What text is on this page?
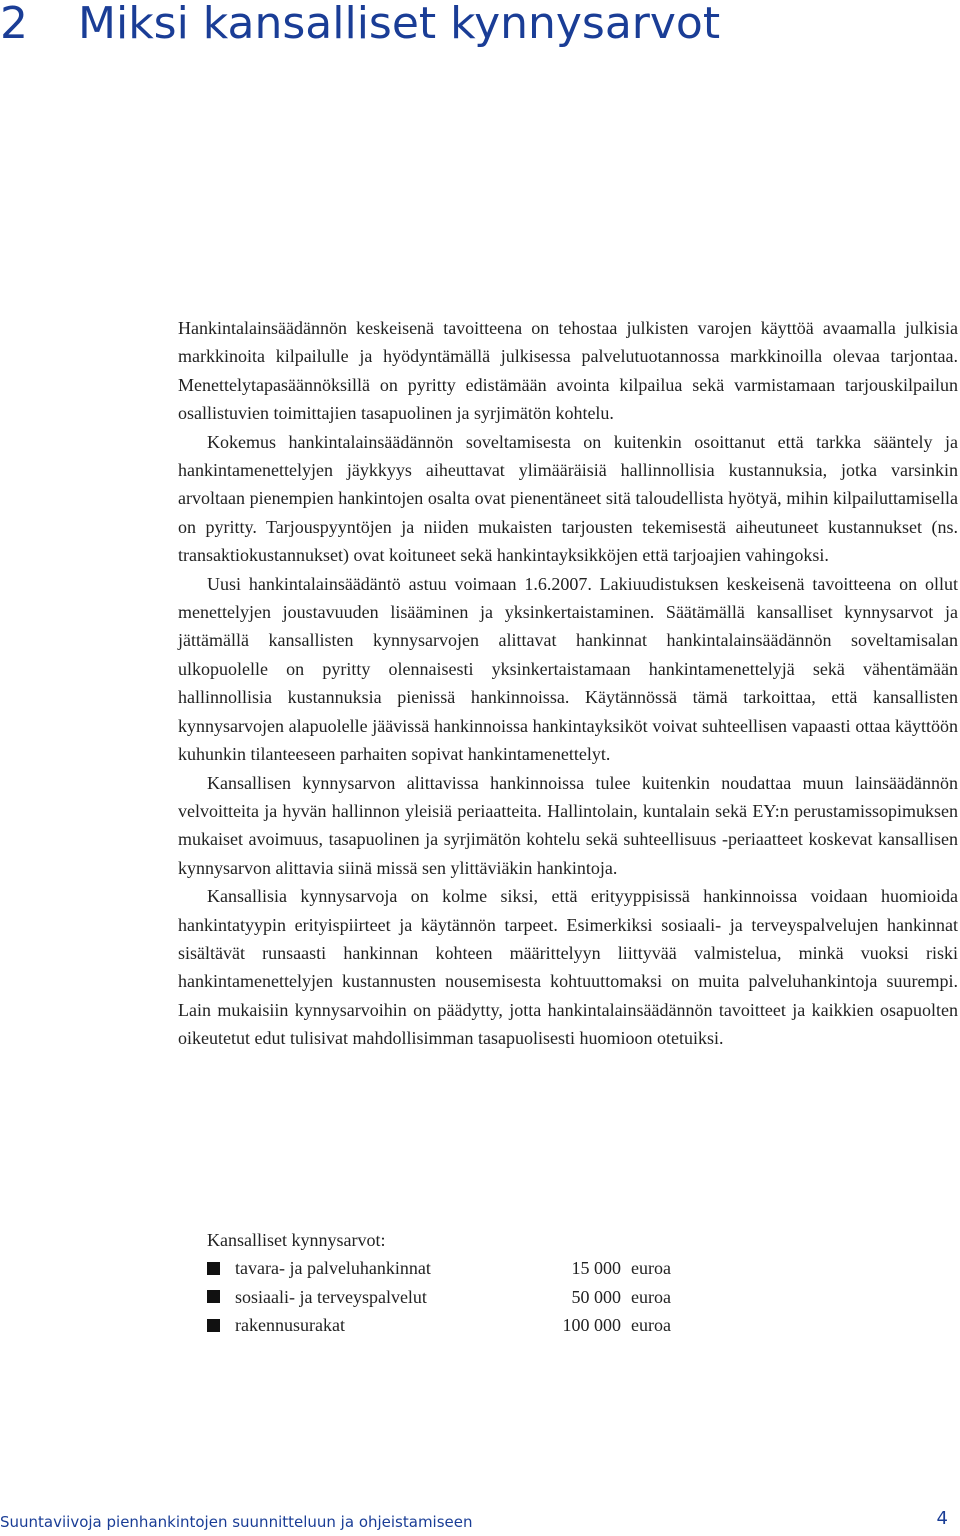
2 Miksi kansalliset kynnysarvot

Hankintalainsäädännön keskeisenä tavoitteena on tehostaa julkisten varojen käyttöä avaamalla julkisia markkinoita kilpailulle ja hyödyntämällä julkisessa palvelutuotannossa markkinoilla olevaa tarjontaa. Menettelytapasäännöksillä on pyritty edistämään avointa kilpailua sekä varmistamaan tarjouskilpailun osallistuvien toimittajien tasapuolinen ja syrjimätön kohtelu.

Kokemus hankintalainsäädännön soveltamisesta on kuitenkin osoittanut että tarkka sääntely ja hankintamenettelyjen jäykkyys aiheuttavat ylimääräisiä hallinnollisia kustannuksia, jotka varsinkin arvoltaan pienempien hankintojen osalta ovat pienentäneet sitä taloudellista hyötyä, mihin kilpailuttamisella on pyritty. Tarjouspyyntöjen ja niiden mukaisten tarjousten tekemisestä aiheutuneet kustannukset (ns. transaktiokustannukset) ovat koituneet sekä hankintayksikköjen että tarjoajien vahingoksi.

Uusi hankintalainsäädäntö astuu voimaan 1.6.2007. Lakiuudistuksen keskeisenä tavoitteena on ollut menettelyjen joustavuuden lisääminen ja yksinkertaistaminen. Säätämällä kansalliset kynnysarvot ja jättämällä kansallisten kynnysarvojen alittavat hankinnat hankintalainsäädännön soveltamisalan ulkopuolelle on pyritty olennaisesti yksinkertaistamaan hankintamenettelyjä sekä vähentämään hallinnollisia kustannuksia pienissä hankinnoissa. Käytännössä tämä tarkoittaa, että kansallisten kynnysarvojen alapuolelle jäävissä hankinnoissa hankintayksiköt voivat suhteellisen vapaasti ottaa käyttöön kuhunkin tilanteeseen parhaiten sopivat hankintamenettelyt.

Kansallisen kynnysarvon alittavissa hankinnoissa tulee kuitenkin noudattaa muun lainsäädännön velvoitteita ja hyvän hallinnon yleisiä periaatteita. Hallintolain, kuntalain sekä EY:n perustamissopimuksen mukaiset avoimuus, tasapuolinen ja syrjimätön kohtelu sekä suhteellisuus -periaatteet koskevat kansallisen kynnysarvon alittavia siinä missä sen ylittäviäkin hankintoja.

Kansallisia kynnysarvoja on kolme siksi, että erityyppisissä hankinnoissa voidaan huomioida hankintatyypin erityispiirteet ja käytännön tarpeet. Esimerkiksi sosiaali- ja terveyspalvelujen hankinnat sisältävät runsaasti hankinnan kohteen määrittelyyn liittyvää valmistelua, minkä vuoksi riski hankintamenettelyjen kustannusten nousemisesta kohtuuttomaksi on muita palveluhankintoja suurempi. Lain mukaisiin kynnysarvoihin on päädytty, jotta hankintalainsäädännön tavoitteet ja kaikkien osapuolten oikeutetut edut tulisivat mahdollisimman tasapuolisesti huomioon otetuiksi.

Kansalliset kynnysarvot:

	tavara- ja palveluhankinnat	15 000	euroa
	sosiaali- ja terveyspalvelut	50 000	euroa
	rakennusurakat	100 000	euroa
Suuntaviivoja pienhankintojen suunnitteluun ja ohjeistamiseen	4
